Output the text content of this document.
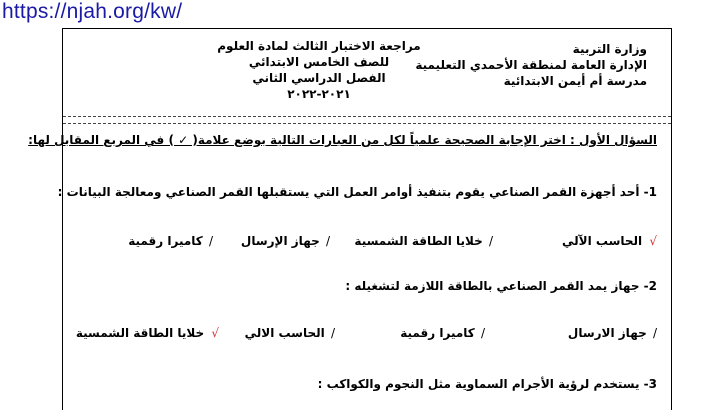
https://njah.org/kw/
وزارة التربية
الإدارة العامة لمنطقة الأحمدي التعليمية
مدرسة أم أيمن الابتدائية
مراجعة الاختبار الثالث لمادة العلوم
للصف الخامس الابتدائي
الفصل الدراسي الثاني
٢٠٢١-٢٠٢٢
السؤال الأول : اختر الإجابة الصحيحة علمياً لكل من العبارات التالية بوضع علامة( ✓ ) في المربع المقابل لها:
1- أحد أجهزة القمر الصناعي يقوم بتنفيذ أوامر العمل التي يستقبلها القمر الصناعي ومعالجة البيانات :
√ الحاسب الآلي
/ خلايا الطاقة الشمسية
/ جهاز الإرسال
/ كاميرا رقمية
2- جهاز يمد القمر الصناعي بالطاقة اللازمة لتشغيله :
/ جهاز الارسال
/ كاميرا رقمية
/ الحاسب الالي
√ خلايا الطاقة الشمسية
3- يستخدم لرؤية الأجرام السماوية مثل النجوم والكواكب :
